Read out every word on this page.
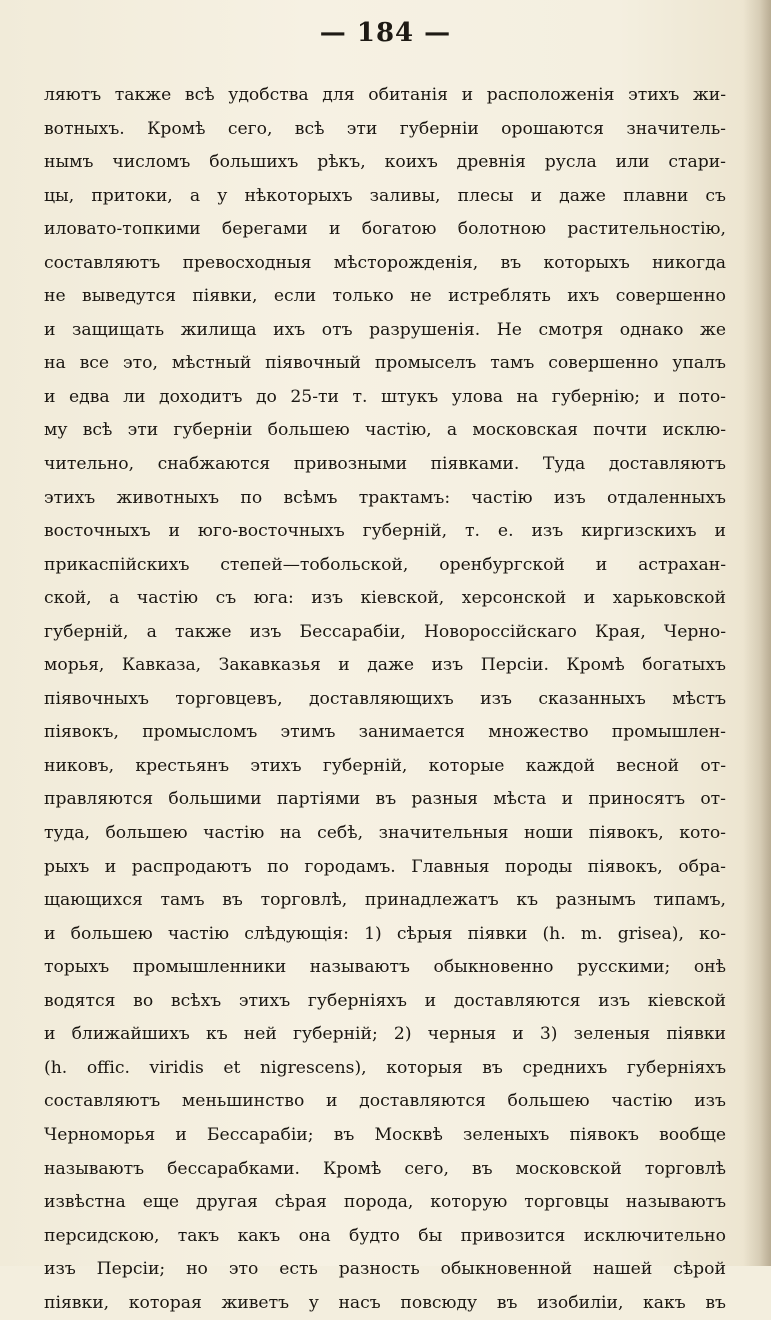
— 184 —
ляютъ также всѣ удобства для обитанія и расположенія этихъ жи-
вотныхъ. Кромѣ сего, всѣ эти губерніи орошаются значитель-
нымъ числомъ большихъ рѣкъ, коихъ древнія русла или стари-
цы, притоки, а у нѣкоторыхъ заливы, плесы и даже плавни съ
иловато-топкими берегами и богатою болотною растительностію,
составляютъ превосходныя мѣсторожденія, въ которыхъ никогда
не выведутся піявки, если только не истреблять ихъ совершенно
и защищать жилища ихъ отъ разрушенія. Не смотря однако же
на все это, мѣстный піявочный промыселъ тамъ совершенно упалъ
и едва ли доходитъ до 25-ти т. штукъ улова на губернію; и пото-
му всѣ эти губерніи большею частію, а московская почти исклю-
чительно, снабжаются привозными піявками. Туда доставляютъ
этихъ животныхъ по всѣмъ трактамъ: частію изъ отдаленныхъ
восточныхъ и юго-восточныхъ губерній, т. е. изъ киргизскихъ и
прикаспійскихъ степей—тобольской, оренбургской и астрахан-
ской, а частію съ юга: изъ кіевской, херсонской и харьковской
губерній, а также изъ Бессарабіи, Новороссійскаго Края, Черно-
морья, Кавказа, Закавказья и даже изъ Персіи. Кромѣ богатыхъ
піявочныхъ торговцевъ, доставляющихъ изъ сказанныхъ мѣстъ
піявокъ, промысломъ этимъ занимается множество промышлен-
никовъ, крестьянъ этихъ губерній, которые каждой весной от-
правляются большими партіями въ разныя мѣста и приносятъ от-
туда, большею частію на себѣ, значительныя ноши піявокъ, кото-
рыхъ и распродаютъ по городамъ. Главныя породы піявокъ, обра-
щающихся тамъ въ торговлѣ, принадлежатъ къ разнымъ типамъ,
и большею частію слѣдующія: 1) сѣрыя піявки (h. m. grisea), ко-
торыхъ промышленники называютъ обыкновенно русскими; онѣ
водятся во всѣхъ этихъ губерніяхъ и доставляются изъ кіевской
и ближайшихъ къ ней губерній; 2) черныя и 3) зеленыя піявки
(h. offic. viridis et nigrescens), которыя въ среднихъ губерніяхъ
составляютъ меньшинство и доставляются большею частію изъ
Черноморья и Бессарабіи; въ Москвѣ зеленыхъ піявокъ вообще
называютъ бессарабками. Кромѣ сего, въ московской торговлѣ
извѣстна еще другая сѣрая порода, которую торговцы называютъ
персидскою, такъ какъ она будто бы привозится исключительно
изъ Персіи; но это есть разность обыкновенной нашей сѣрой
піявки, которая живетъ у насъ повсюду въ изобиліи, какъ въ
